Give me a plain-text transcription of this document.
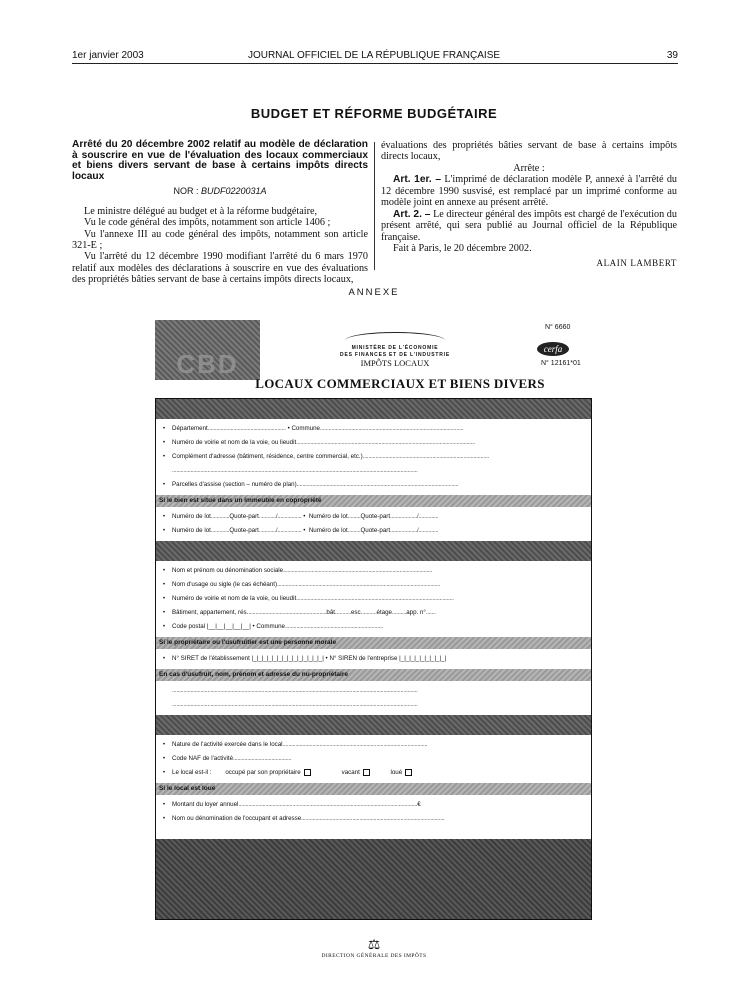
1er janvier 2003	JOURNAL OFFICIEL DE LA RÉPUBLIQUE FRANÇAISE	39
BUDGET ET RÉFORME BUDGÉTAIRE

Arrêté du 20 décembre 2002 relatif au modèle de déclaration à souscrire en vue de l'évaluation des locaux commerciaux et biens divers servant de base à certains impôts directs locaux

NOR : BUDF0220031A

Le ministre délégué au budget et à la réforme budgétaire,

Vu le code général des impôts, notamment son article 1406 ;

Vu l'annexe III au code général des impôts, notamment son article 321-E ;

Vu l'arrêté du 12 décembre 1990 modifiant l'arrêté du 6 mars 1970 relatif aux modèles des déclarations à souscrire en vue des évaluations des propriétés bâties servant de base à certains impôts directs locaux,

évaluations des propriétés bâties servant de base à certains impôts directs locaux,

Arrête :

Art. 1er. – L'imprimé de déclaration modèle P, annexé à l'arrêté du 12 décembre 1990 susvisé, est remplacé par un imprimé conforme au modèle joint en annexe au présent arrêté.

Art. 2. – Le directeur général des impôts est chargé de l'exécution du présent arrêté, qui sera publié au Journal officiel de la République française.

Fait à Paris, le 20 décembre 2002.

ALAIN LAMBERT

ANNEXE
CBD
MINISTÈRE DE L'ÉCONOMIE
DES FINANCES ET DE L'INDUSTRIE
IMPÔTS LOCAUX
N° 6660
cerfa
N° 12161*01
LOCAUX COMMERCIAUX ET BIENS DIVERS
• Département....................................................... • Commune.....................................................................................................
• Numéro de voirie et nom de la voie, ou lieudit..............................................................................................................................
• Complément d'adresse (bâtiment, résidence, centre commercial, etc.).........................................................................................
.............................................................................................................................................................................
• Parcelles d'assise (section – numéro de plan)..................................................................................................................
Si le bien est situé dans un immeuble en copropriété
• Numéro de lot.............Quote-part............/................. •  Numéro de lot.........Quote-part.................../..............
• Numéro de lot.............Quote-part............/................. •  Numéro de lot.........Quote-part.................../..............
• Nom et prénom ou dénomination sociale.........................................................................................................
• Nom d'usage ou sigle (le cas échéant)...................................................................................................................
• Numéro de voirie et nom de la voie, ou lieudit...............................................................................................................
• Bâtiment, appartement, rés........................................................bât...........esc...........étage..........app. n°.......
• Code postal |__|__|__|__|__| • Commune.....................................................................
Si le propriétaire ou l'usufruitier est une personne morale
• N° SIRET de l'établissement |_|_|_|_|_|_|_|_|_|_|_|_|_|_| • N° SIREN de l'entreprise |_|_|_|_|_|_|_|_|_|
En cas d'usufruit, nom, prénom et adresse du nu-propriétaire
.............................................................................................................................................................................
.............................................................................................................................................................................
• Nature de l'activité exercée dans le local......................................................................................................
• Code NAF de l'activité.........................................
• Le local est-il : occupé par son propriétaire	vacant	loué
Si le local est loué
• Montant du loyer annuel..............................................................................................................................€
• Nom ou dénomination de l'occupant et adresse.....................................................................................................
⚖
DIRECTION GÉNÉRALE DES IMPÔTS
